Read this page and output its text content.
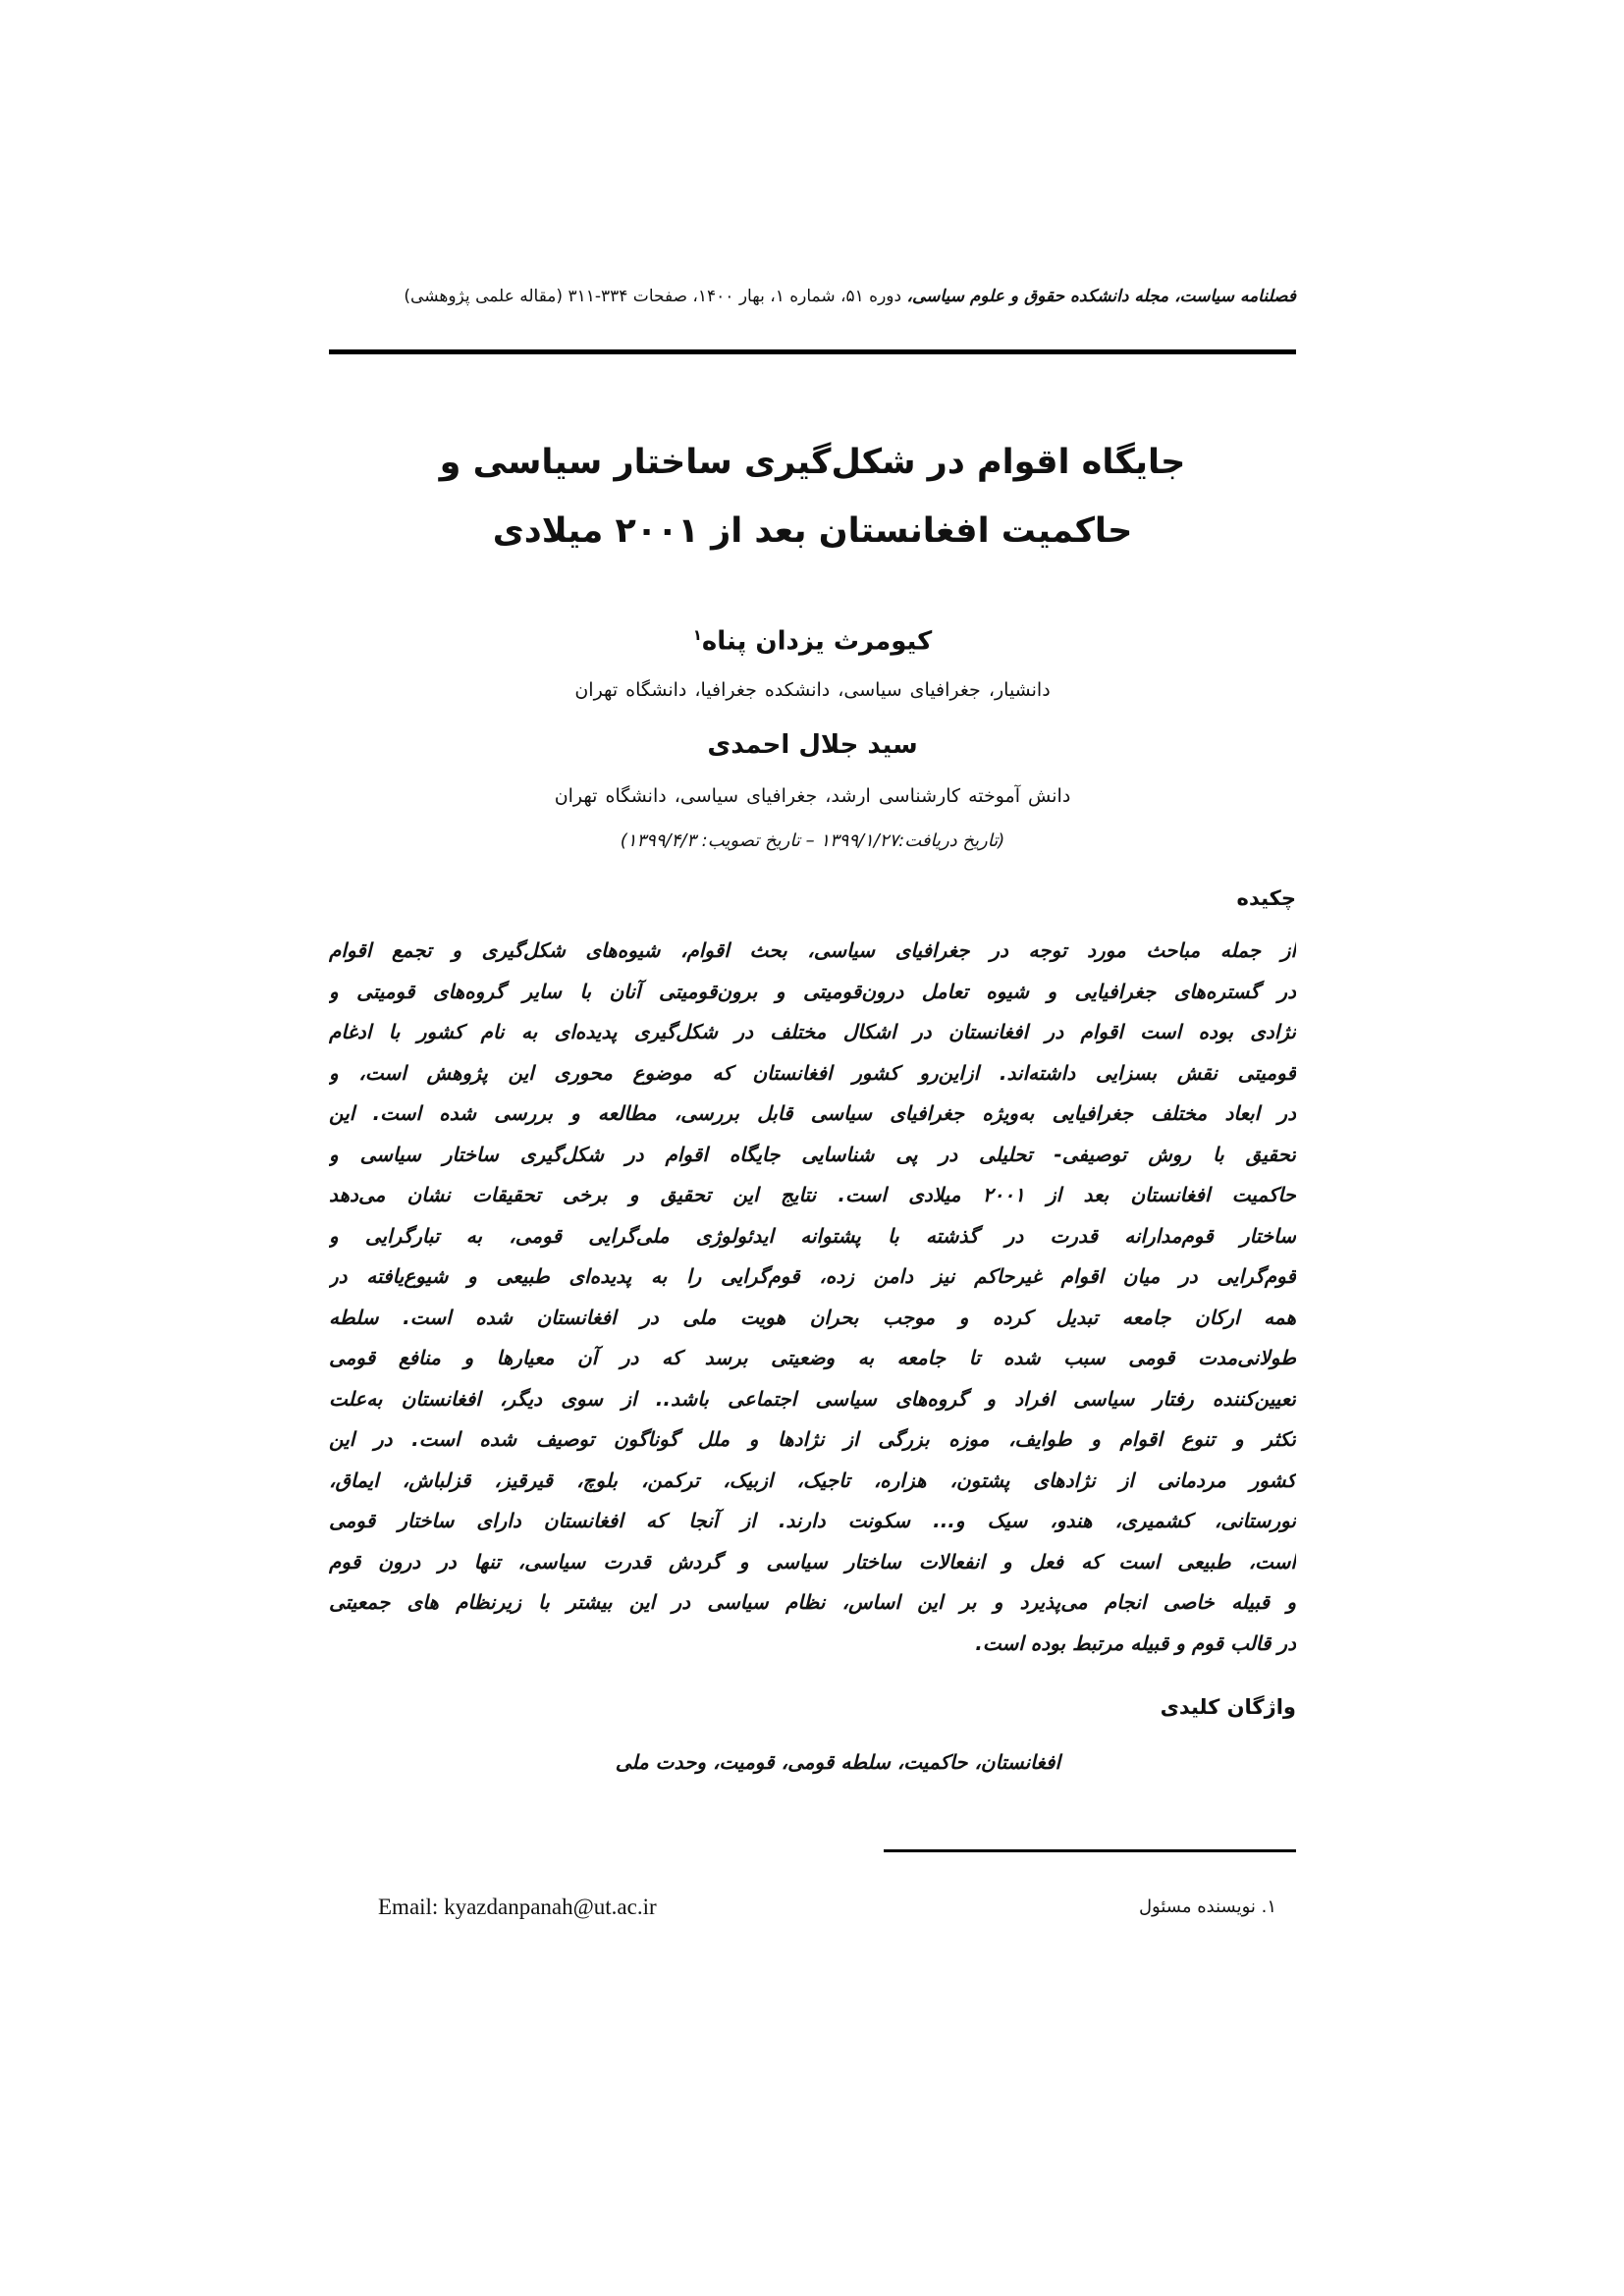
فصلنامه سیاست، مجله دانشکده حقوق و علوم سیاسی، دوره ۵۱، شماره ۱، بهار ۱۴۰۰، صفحات ۳۳۴-۳۱۱ (مقاله علمی پژوهشی)
جایگاه اقوام در شکل‌گیری ساختار سیاسی و
حاکمیت افغانستان بعد از ۲۰۰۱ میلادی
کیومرث یزدان پناه$^۱$
دانشیار، جغرافیای سیاسی، دانشکده جغرافیا، دانشگاه تهران
سید جلال احمدی
دانش آموخته کارشناسی ارشد، جغرافیای سیاسی، دانشگاه تهران
(تاریخ دریافت:۱۳۹۹/۱/۲۷ – تاریخ تصویب: ۱۳۹۹/۴/۳)
چکیده
از جمله مباحث مورد توجه در جغرافیای سیاسی، بحث اقوام، شیوه‌های شکل‌گیری و تجمع اقوام
در گستره‌های جغرافیایی و شیوه تعامل درون‌قومیتی و برون‌قومیتی آنان با سایر گروه‌های قومیتی و
نژادی بوده است اقوام در افغانستان در اشکال مختلف در شکل‌گیری پدیده‌ای به نام کشور با ادغام
قومیتی نقش بسزایی داشته‌اند. ازاین‌رو کشور افغانستان که موضوع محوری این پژوهش است، و
در ابعاد مختلف جغرافیایی به‌ویژه جغرافیای سیاسی قابل بررسی، مطالعه و بررسی شده است. این
تحقیق با روش توصیفی- تحلیلی در پی شناسایی جایگاه اقوام در شکل‌گیری ساختار سیاسی و
حاکمیت افغانستان بعد از ۲۰۰۱ میلادی است. نتایج این تحقیق و برخی تحقیقات نشان می‌دهد
ساختار قوم‌مدارانه قدرت در گذشته با پشتوانه ایدئولوژی ملی‌گرایی قومی، به تبارگرایی و
قوم‌گرایی در میان اقوام غیرحاکم نیز دامن زده، قوم‌گرایی را به پدیده‌ای طبیعی و شیوع‌یافته در
همه ارکان جامعه تبدیل کرده و موجب بحران هویت ملی در افغانستان شده است. سلطه
طولانی‌مدت قومی سبب شده تا جامعه به وضعیتی برسد که در آن معیارها و منافع قومی
تعیین‌کننده رفتار سیاسی افراد و گروه‌های سیاسی اجتماعی باشد.. از سوی دیگر، افغانستان به‌علت
تکثر و تنوع اقوام و طوایف، موزه بزرگی از نژادها و ملل گوناگون توصیف شده است. در این
کشور مردمانی از نژادهای پشتون، هزاره، تاجیک، ازبیک، ترکمن، بلوچ، قیرقیز، قزلباش، ایماق،
نورستانی، کشمیری، هندو، سیک و... سکونت دارند. از آنجا که افغانستان دارای ساختار قومی
است، طبیعی است که فعل و انفعالات ساختار سیاسی و گردش قدرت سیاسی، تنها در درون قوم
و قبیله خاصی انجام می‌پذیرد و بر این اساس، نظام سیاسی در این بیشتر با زیرنظام های جمعیتی
در قالب قوم و قبیله مرتبط بوده است.
واژگان کلیدی
افغانستان، حاکمیت، سلطه قومی، قومیت، وحدت ملی
Email: kyazdanpanah@ut.ac.ir	۱. نویسنده مسئول
